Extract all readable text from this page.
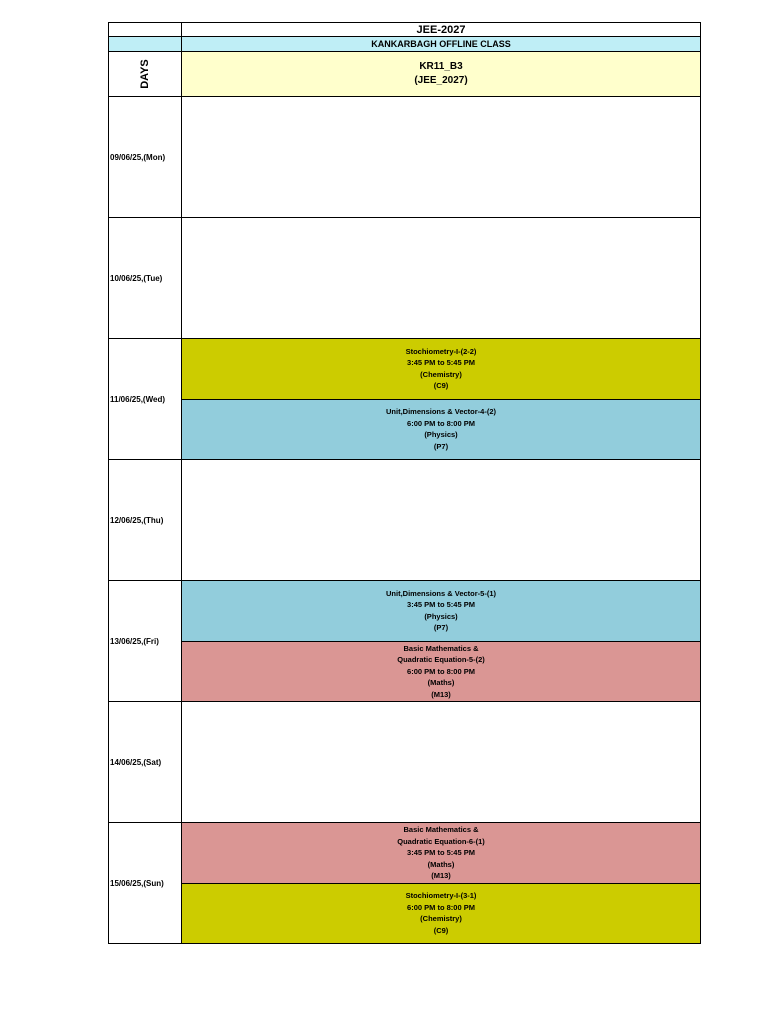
JEE-2027
KANKARBAGH OFFLINE CLASS
DAYS	KR11_B3
(JEE_2027)
09/06/25,(Mon)
10/06/25,(Tue)
11/06/25,(Wed)
Stochiometry-I-(2-2)
3:45 PM to 5:45 PM
(Chemistry)
(C9)
Unit,Dimensions & Vector-4-(2)
6:00 PM to 8:00 PM
(Physics)
(P7)
12/06/25,(Thu)
13/06/25,(Fri)
Unit,Dimensions & Vector-5-(1)
3:45 PM to 5:45 PM
(Physics)
(P7)
Basic Mathematics &
Quadratic Equation-5-(2)
6:00 PM to 8:00 PM
(Maths)
(M13)
14/06/25,(Sat)
15/06/25,(Sun)
Basic Mathematics &
Quadratic Equation-6-(1)
3:45 PM to 5:45 PM
(Maths)
(M13)
Stochiometry-I-(3-1)
6:00 PM to 8:00 PM
(Chemistry)
(C9)
